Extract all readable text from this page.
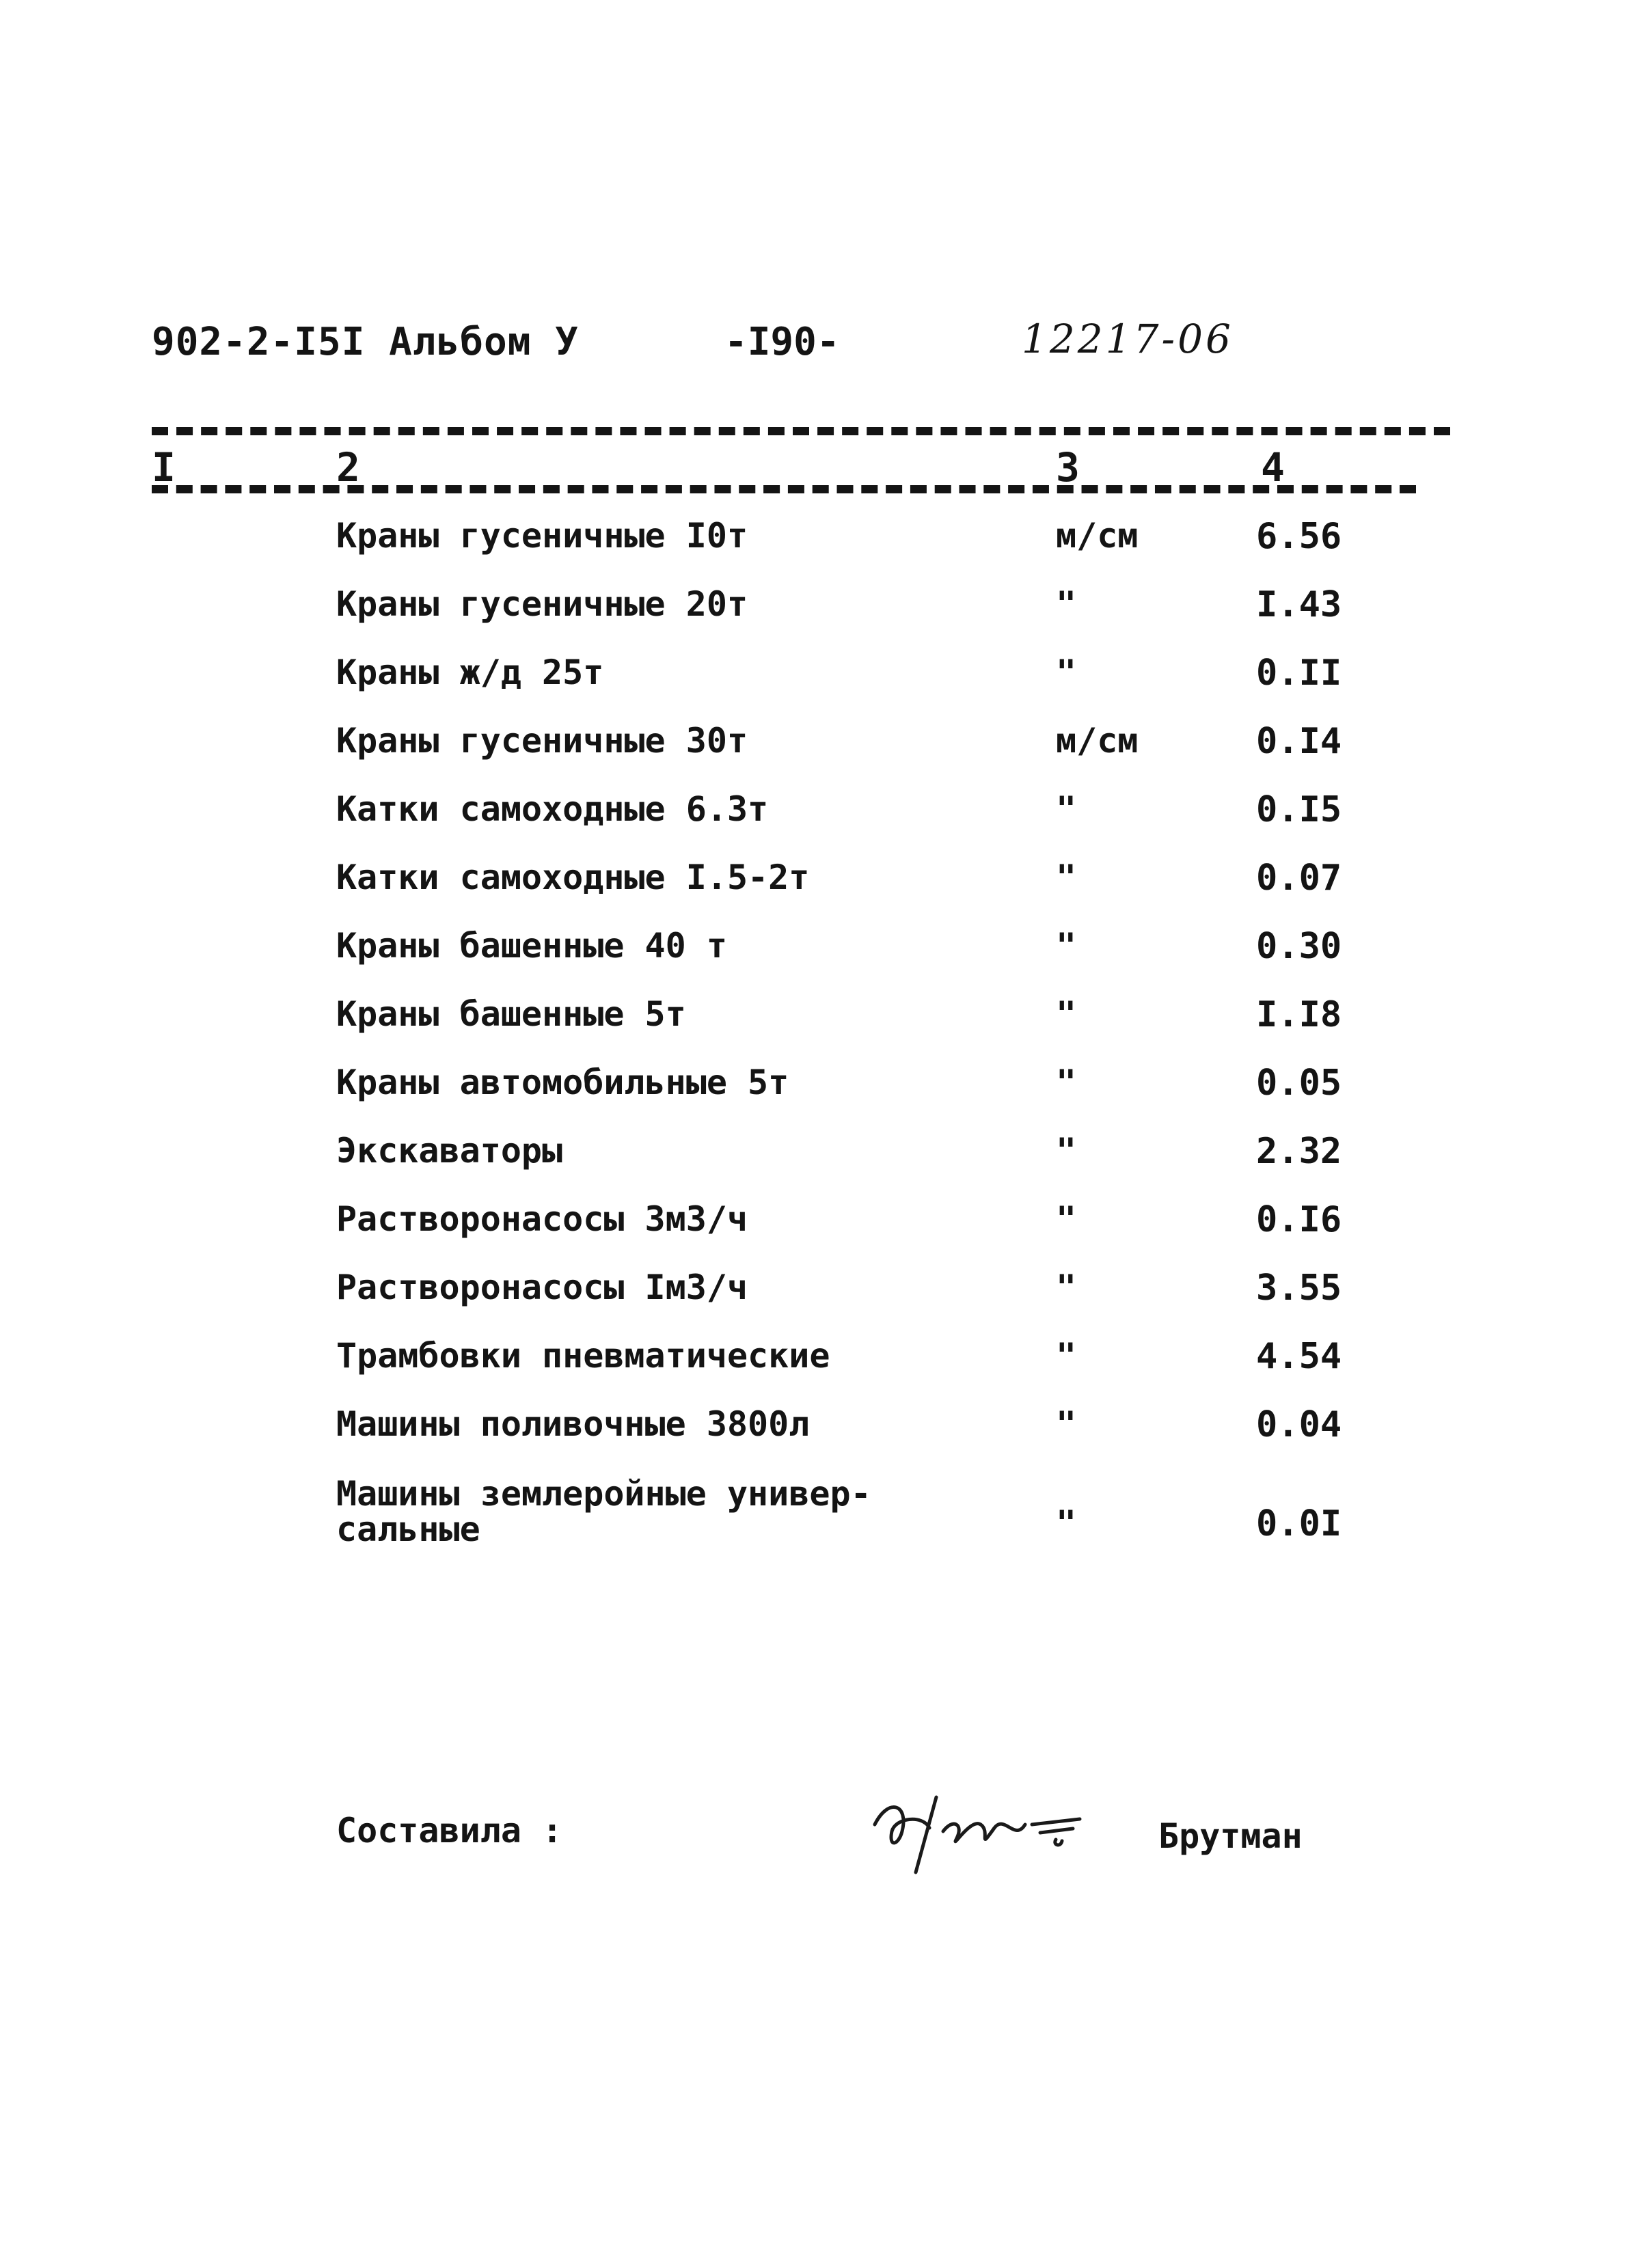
902-2-I5I Альбом У	-I90-	12217-06
I	2	3	4
Краны гусеничные I0т	м/см	6.56
Краны гусеничные 20т	"	I.43
Краны ж/д 25т	"	0.II
Краны гусеничные 30т	м/см	0.I4
Катки самоходные 6.3т	"	0.I5
Катки самоходные I.5-2т	"	0.07
Краны башенные 40 т	"	0.30
Краны башенные 5т	"	I.I8
Краны автомобильные 5т	"	0.05
Экскаваторы	"	2.32
Растворонасосы 3м3/ч	"	0.I6
Растворонасосы Iм3/ч	"	3.55
Трамбовки пневматические	"	4.54
Машины поливочные 3800л	"	0.04
Машины землеройные универ-сальные	"	0.0I
Составила :	Брутман
